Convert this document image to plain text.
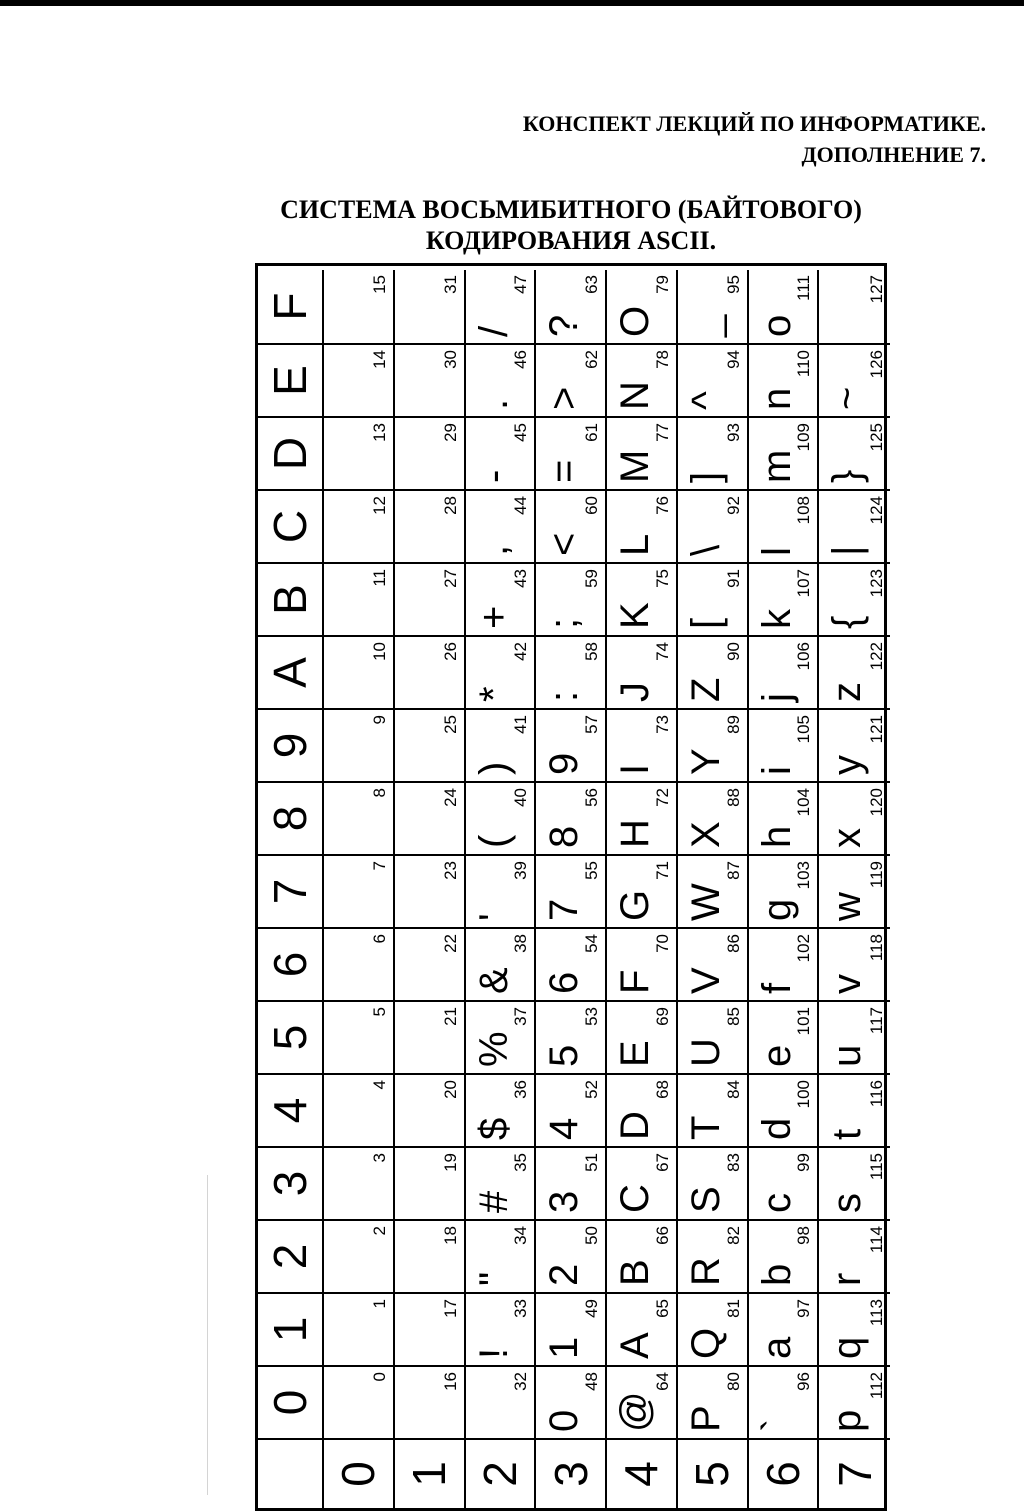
КОНСПЕКТ ЛЕКЦИЙ ПО ИНФОРМАТИКЕ.
ДОПОЛНЕНИЕ 7.
СИСТЕМА ВОСЬМИБИТНОГО (БАЙТОВОГО)
КОДИРОВАНИЯ ASCII.
0
1
2
3
4
5
6
7
8
9
A
B
C
D
E
F
0
0
1
2
3
4
5
6
7
8
9
10
11
12
13
14
15
1
16
17
18
19
20
21
22
23
24
25
26
27
28
29
30
31
2
32
!
33
"
34
#
35
$
36
%
37
&
38
'
39
(
40
)
41
*
42
+
43
,
44
-
45
.
46
/
47
3
0
48
1
49
2
50
3
51
4
52
5
53
6
54
7
55
8
56
9
57
:
58
;
59
<
60
=
61
>
62
?
63
4
@
64
A
65
B
66
C
67
D
68
E
69
F
70
G
71
H
72
I
73
J
74
K
75
L
76
M
77
N
78
O
79
5
P
80
Q
81
R
82
S
83
T
84
U
85
V
86
W
87
X
88
Y
89
Z
90
[
91
\
92
]
93
^
94
_
95
6
`
96
a
97
b
98
c
99
d
100
e
101
f
102
g
103
h
104
i
105
j
106
k
107
l
108
m
109
n
110
o
111
7
p
112
q
113
r
114
s
115
t
116
u
117
v
118
w
119
x
120
y
121
z
122
{
123
|
124
}
125
~
126
127
